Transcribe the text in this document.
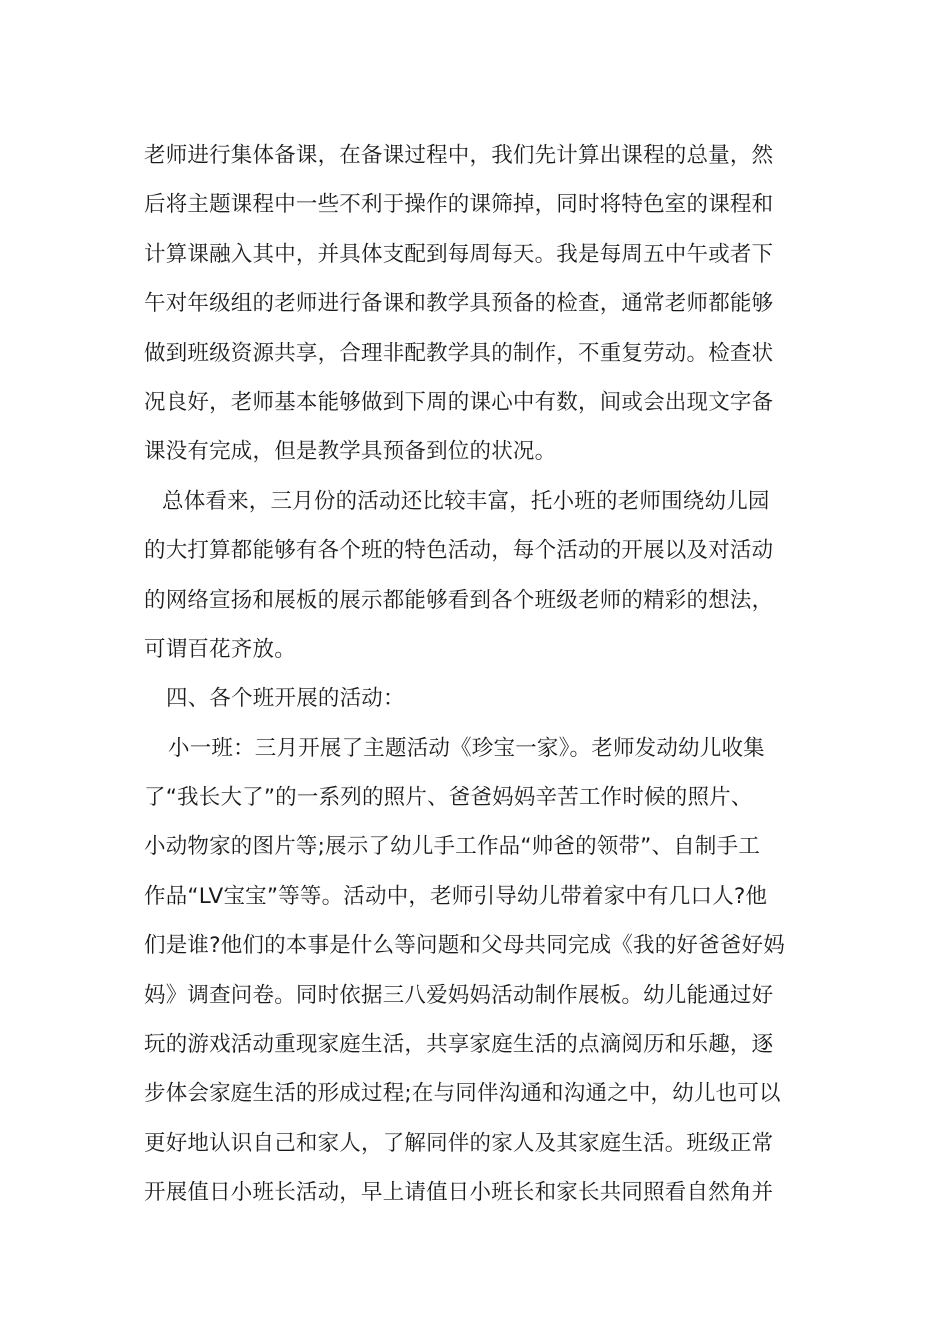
老师进行集体备课，在备课过程中，我们先计算出课程的总量，然
后将主题课程中一些不利于操作的课筛掉，同时将特色室的课程和
计算课融入其中，并具体支配到每周每天。我是每周五中午或者下
午对年级组的老师进行备课和教学具预备的检查，通常老师都能够
做到班级资源共享，合理非配教学具的制作，不重复劳动。检查状
况良好，老师基本能够做到下周的课心中有数，间或会出现文字备
课没有完成，但是教学具预备到位的状况。
总体看来，三月份的活动还比较丰富，托小班的老师围绕幼儿园
的大打算都能够有各个班的特色活动，每个活动的开展以及对活动
的网络宣扬和展板的展示都能够看到各个班级老师的精彩的想法，
可谓百花齐放。
四、各个班开展的活动：
小一班：三月开展了主题活动《珍宝一家》。老师发动幼儿收集
了“我长大了”的一系列的照片、爸爸妈妈辛苦工作时候的照片、
小动物家的图片等;展示了幼儿手工作品“帅爸的领带”、自制手工
作品“LV宝宝”等等。活动中，老师引导幼儿带着家中有几口人?他
们是谁?他们的本事是什么等问题和父母共同完成《我的好爸爸好妈
妈》调查问卷。同时依据三八爱妈妈活动制作展板。幼儿能通过好
玩的游戏活动重现家庭生活，共享家庭生活的点滴阅历和乐趣，逐
步体会家庭生活的形成过程;在与同伴沟通和沟通之中，幼儿也可以
更好地认识自己和家人，了解同伴的家人及其家庭生活。班级正常
开展值日小班长活动，早上请值日小班长和家长共同照看自然角并
